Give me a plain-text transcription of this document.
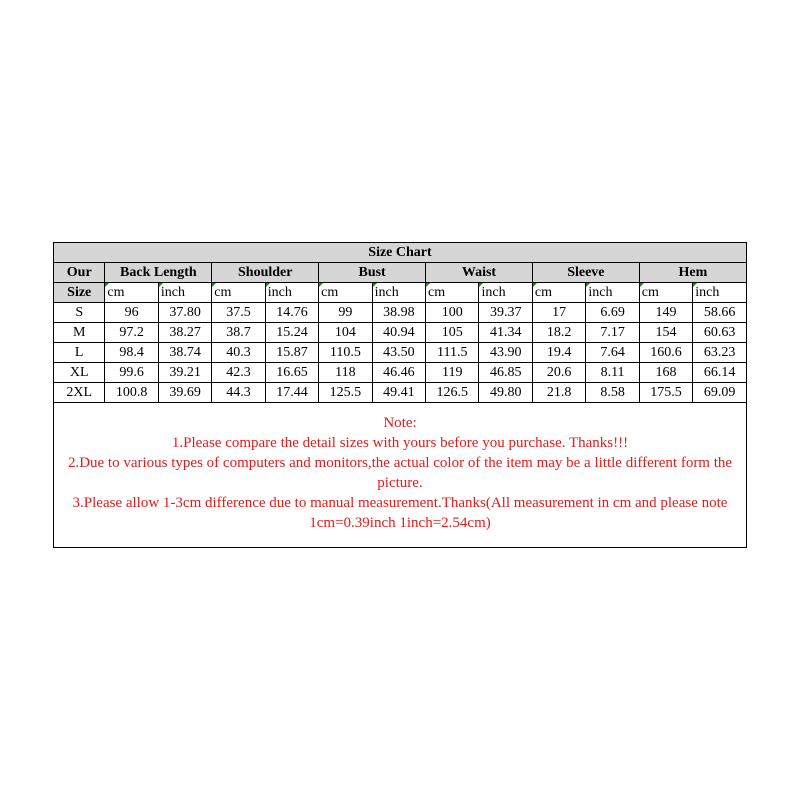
Size Chart												
Our	Back Length		Shoulder		Bust		Waist		Sleeve		Hem	
Size	cm	inch	cm	inch	cm	inch	cm	inch	cm	inch	cm	inch
S	96	37.80	37.5	14.76	99	38.98	100	39.37	17	6.69	149	58.66
M	97.2	38.27	38.7	15.24	104	40.94	105	41.34	18.2	7.17	154	60.63
L	98.4	38.74	40.3	15.87	110.5	43.50	111.5	43.90	19.4	7.64	160.6	63.23
XL	99.6	39.21	42.3	16.65	118	46.46	119	46.85	20.6	8.11	168	66.14
2XL	100.8	39.69	44.3	17.44	125.5	49.41	126.5	49.80	21.8	8.58	175.5	69.09

Note:

1.Please compare the detail sizes with yours before you purchase. Thanks!!!

2.Due to various types of computers and monitors,the actual color of the item may be a little different form the picture.

3.Please allow 1-3cm difference due to manual measurement.Thanks(All measurement in cm and please note 1cm=0.39inch 1inch=2.54cm)
